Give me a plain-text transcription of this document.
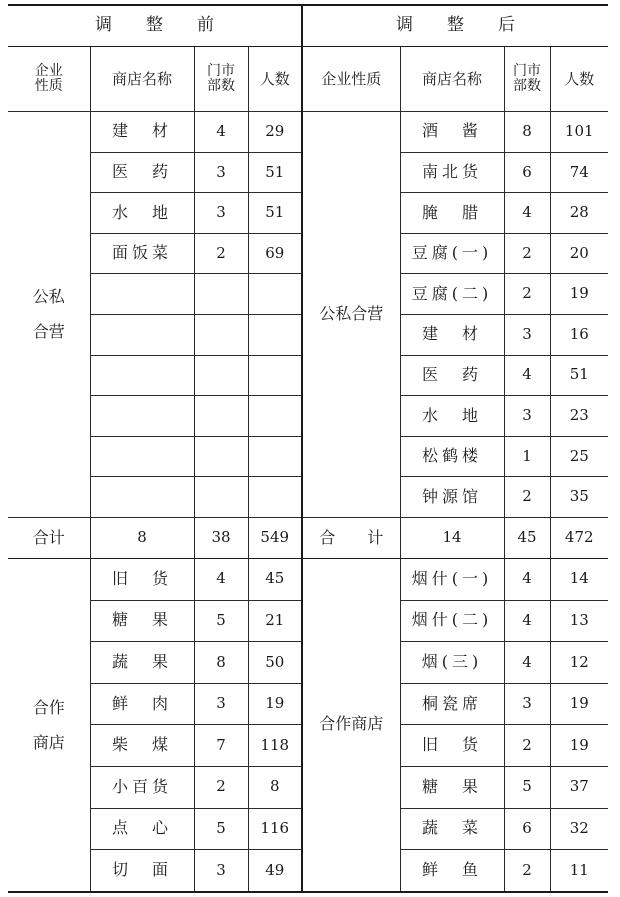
调　　整　　前				调　　整　　后			
企业性质	商店名称	门市部数	人数	企业性质	商店名称	门市部数	人数
公私合营	建　材	4	29	公私合营	酒　酱	8	101
	医　药	3	51		南北货	6	74
	水　地	3	51		腌　腊	4	28
	面饭菜	2	69		豆腐(一)	2	20
					豆腐(二)	2	19
					建　材	3	16
					医　药	4	51
					水　地	3	23
					松鹤楼	1	25
					钟源馆	2	35
合计	8	38	549	合　　计	14	45	472
合作商店	旧　货	4	45	合作商店	烟什(一)	4	14
	糖　果	5	21		烟什(二)	4	13
	蔬　果	8	50		烟(三)	4	12
	鲜　肉	3	19		桐瓷席	3	19
	柴　煤	7	118		旧　货	2	19
	小百货	2	8		糖　果	5	37
	点　心	5	116		蔬　菜	6	32
	切　面	3	49		鲜　鱼	2	11
